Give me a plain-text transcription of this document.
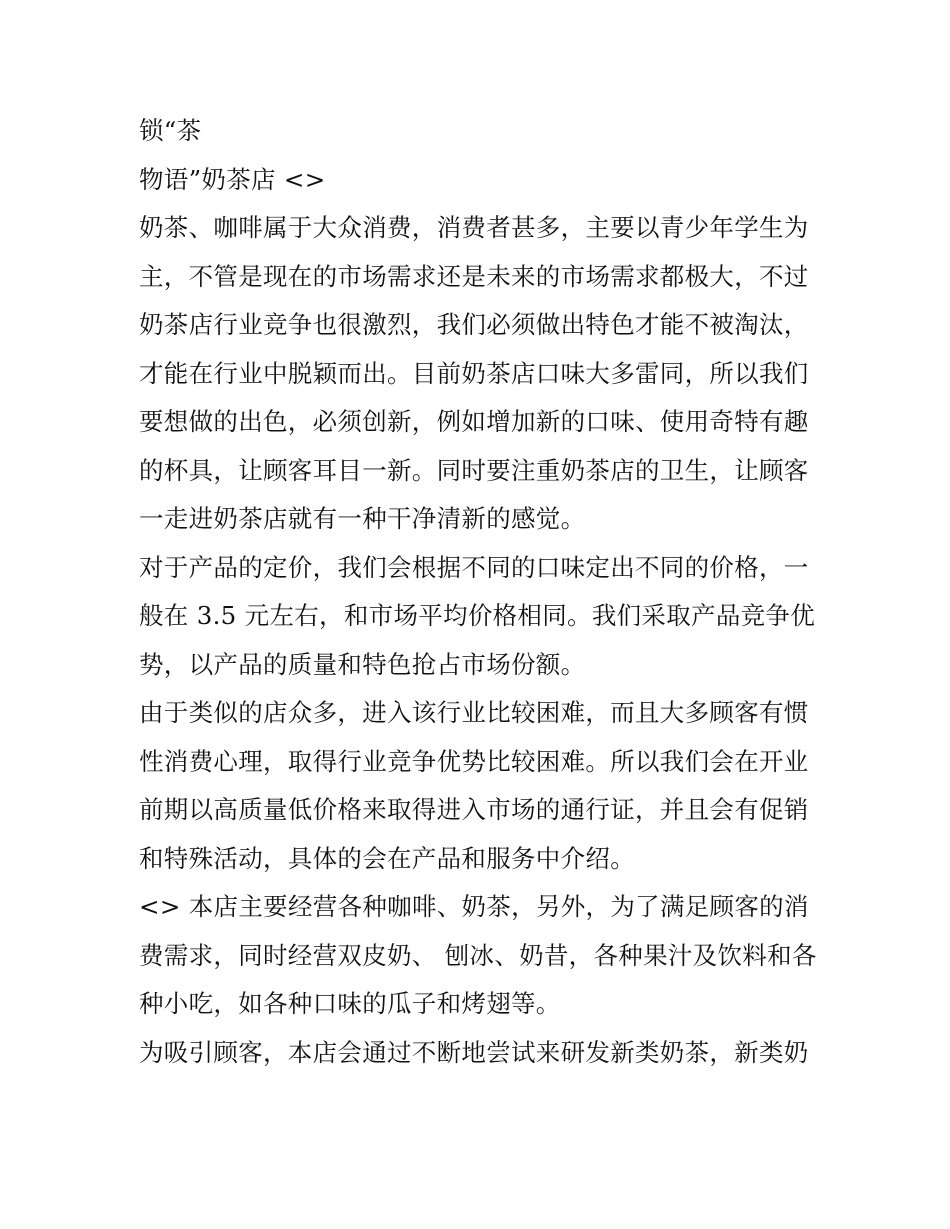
锁“茶

物语”奶茶店 <>

奶茶、咖啡属于大众消费，消费者甚多，主要以青少年学生为主，不管是现在的市场需求还是未来的市场需求都极大，不过奶茶店行业竞争也很激烈，我们必须做出特色才能不被淘汰，才能在行业中脱颖而出。目前奶茶店口味大多雷同，所以我们要想做的出色，必须创新，例如增加新的口味、使用奇特有趣的杯具，让顾客耳目一新。同时要注重奶茶店的卫生，让顾客一走进奶茶店就有一种干净清新的感觉。

对于产品的定价，我们会根据不同的口味定出不同的价格，一般在 3.5 元左右，和市场平均价格相同。我们采取产品竞争优势，以产品的质量和特色抢占市场份额。

由于类似的店众多，进入该行业比较困难，而且大多顾客有惯性消费心理，取得行业竞争优势比较困难。所以我们会在开业前期以高质量低价格来取得进入市场的通行证，并且会有促销和特殊活动，具体的会在产品和服务中介绍。

<> 本店主要经营各种咖啡、奶茶，另外，为了满足顾客的消费需求，同时经营双皮奶、 刨冰、奶昔，各种果汁及饮料和各种小吃，如各种口味的瓜子和烤翅等。

为吸引顾客，本店会通过不断地尝试来研发新类奶茶，新类奶
